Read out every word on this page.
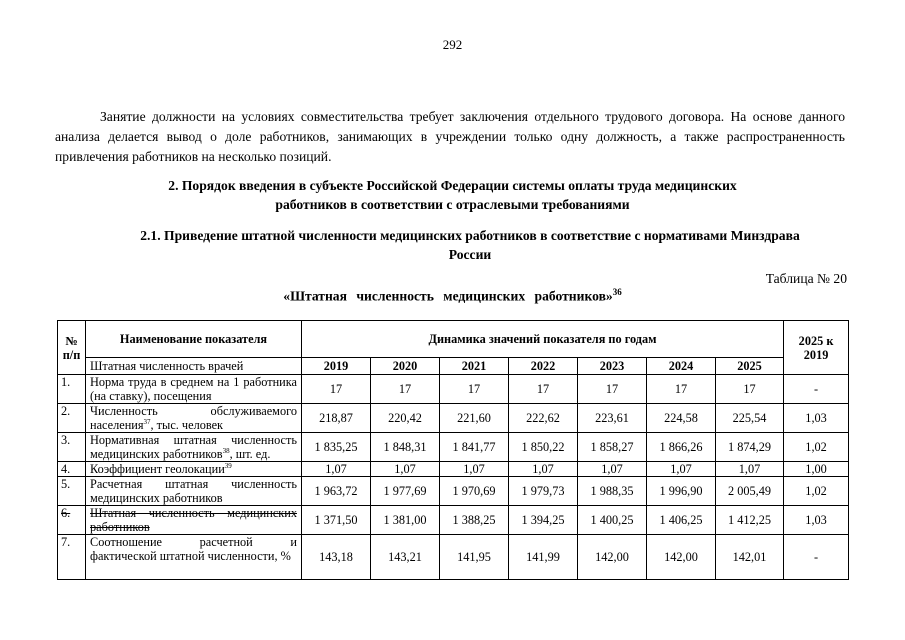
292
Занятие должности на условиях совместительства требует заключения отдельного трудового договора. На основе данного анализа делается вывод о доле работников, занимающих в учреждении только одну должность, а также распространенность привлечения работников на несколько позиций.
2. Порядок введения в субъекте Российской Федерации системы оплаты труда медицинских
работников в соответствии с отраслевыми требованиями
2.1. Приведение штатной численности медицинских работников в соответствие с нормативами Минздрава
России
Таблица № 20
«Штатная численность медицинских работников»$^{36}$
№ п/п	Наименование показателя	Динамика значений показателя по годам							2025 к 2019
	Штатная численность врачей	2019	2020	2021	2022	2023	2024	2025	
1.	Норма труда в среднем на 1 работника (на ставку), посещения	17	17	17	17	17	17	17	-
2.	Численность обслуживаемого населения$^{37}$, тыс. человек	218,87	220,42	221,60	222,62	223,61	224,58	225,54	1,03
3.	Нормативная штатная численность медицинских работников$^{38}$, шт. ед.	1 835,25	1 848,31	1 841,77	1 850,22	1 858,27	1 866,26	1 874,29	1,02
4.	Коэффициент геолокации$^{39}$	1,07	1,07	1,07	1,07	1,07	1,07	1,07	1,00
5.	Расчетная штатная численность медицинских работников	1 963,72	1 977,69	1 970,69	1 979,73	1 988,35	1 996,90	2 005,49	1,02
6.	Штатная численность медицинских работников	1 371,50	1 381,00	1 388,25	1 394,25	1 400,25	1 406,25	1 412,25	1,03
7.	Соотношение расчетной и фактической штатной численности, %	143,18	143,21	141,95	141,99	142,00	142,00	142,01	-
